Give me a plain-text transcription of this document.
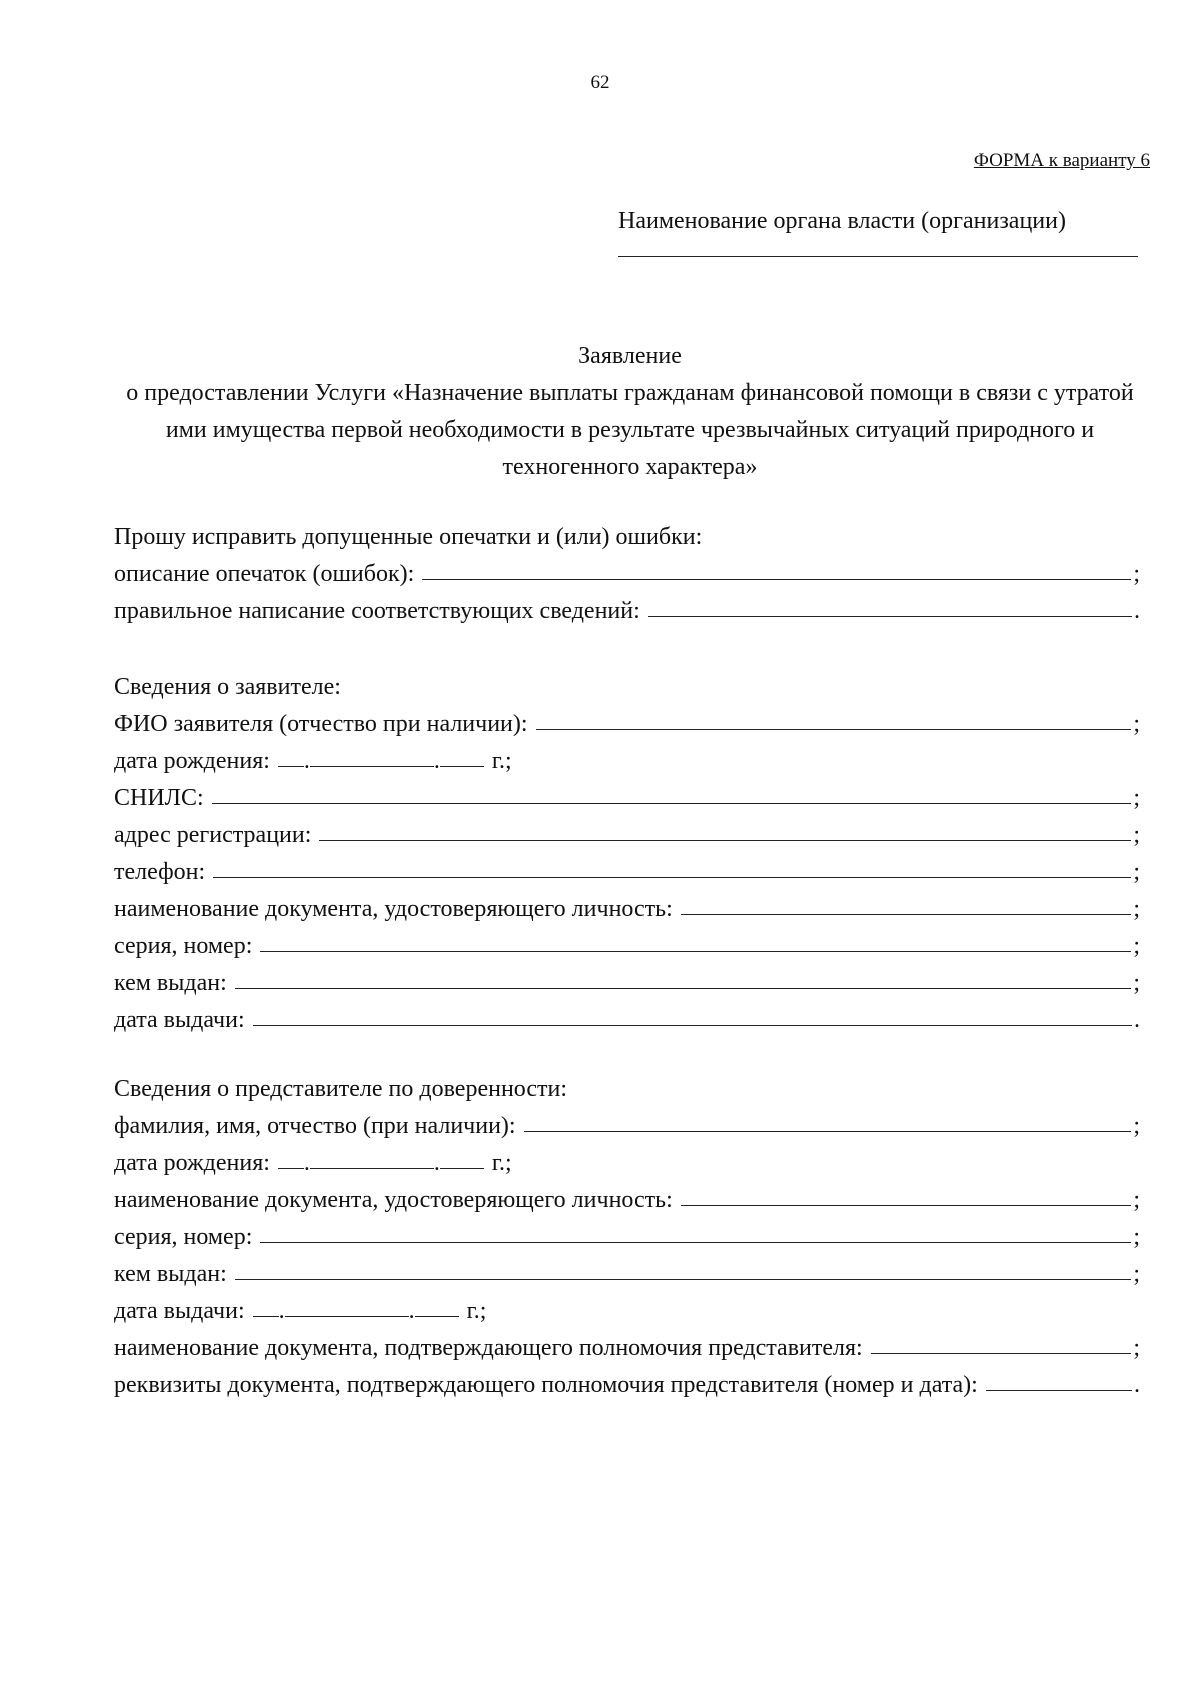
62
ФОРМА к варианту 6
Наименование органа власти (организации)
Заявление
о предоставлении Услуги «Назначение выплаты гражданам финансовой помощи в связи с утратой
ими имущества первой необходимости в результате чрезвычайных ситуаций природного и
техногенного характера»
Прошу исправить допущенные опечатки и (или) ошибки:
описание опечаток (ошибок):	;
правильное написание соответствующих сведений:	.
Сведения о заявителе:
ФИО заявителя (отчество при наличии):	;
дата рождения: .	. г.;
СНИЛС:	;
адрес регистрации:	;
телефон:	;
наименование документа, удостоверяющего личность:	;
серия, номер:	;
кем выдан:	;
дата выдачи:	.
Сведения о представителе по доверенности:
фамилия, имя, отчество (при наличии):	;
дата рождения: .	. г.;
наименование документа, удостоверяющего личность:	;
серия, номер:	;
кем выдан:	;
дата выдачи: .	. г.;
наименование документа, подтверждающего полномочия представителя:	;
реквизиты документа, подтверждающего полномочия представителя (номер и дата):	.
